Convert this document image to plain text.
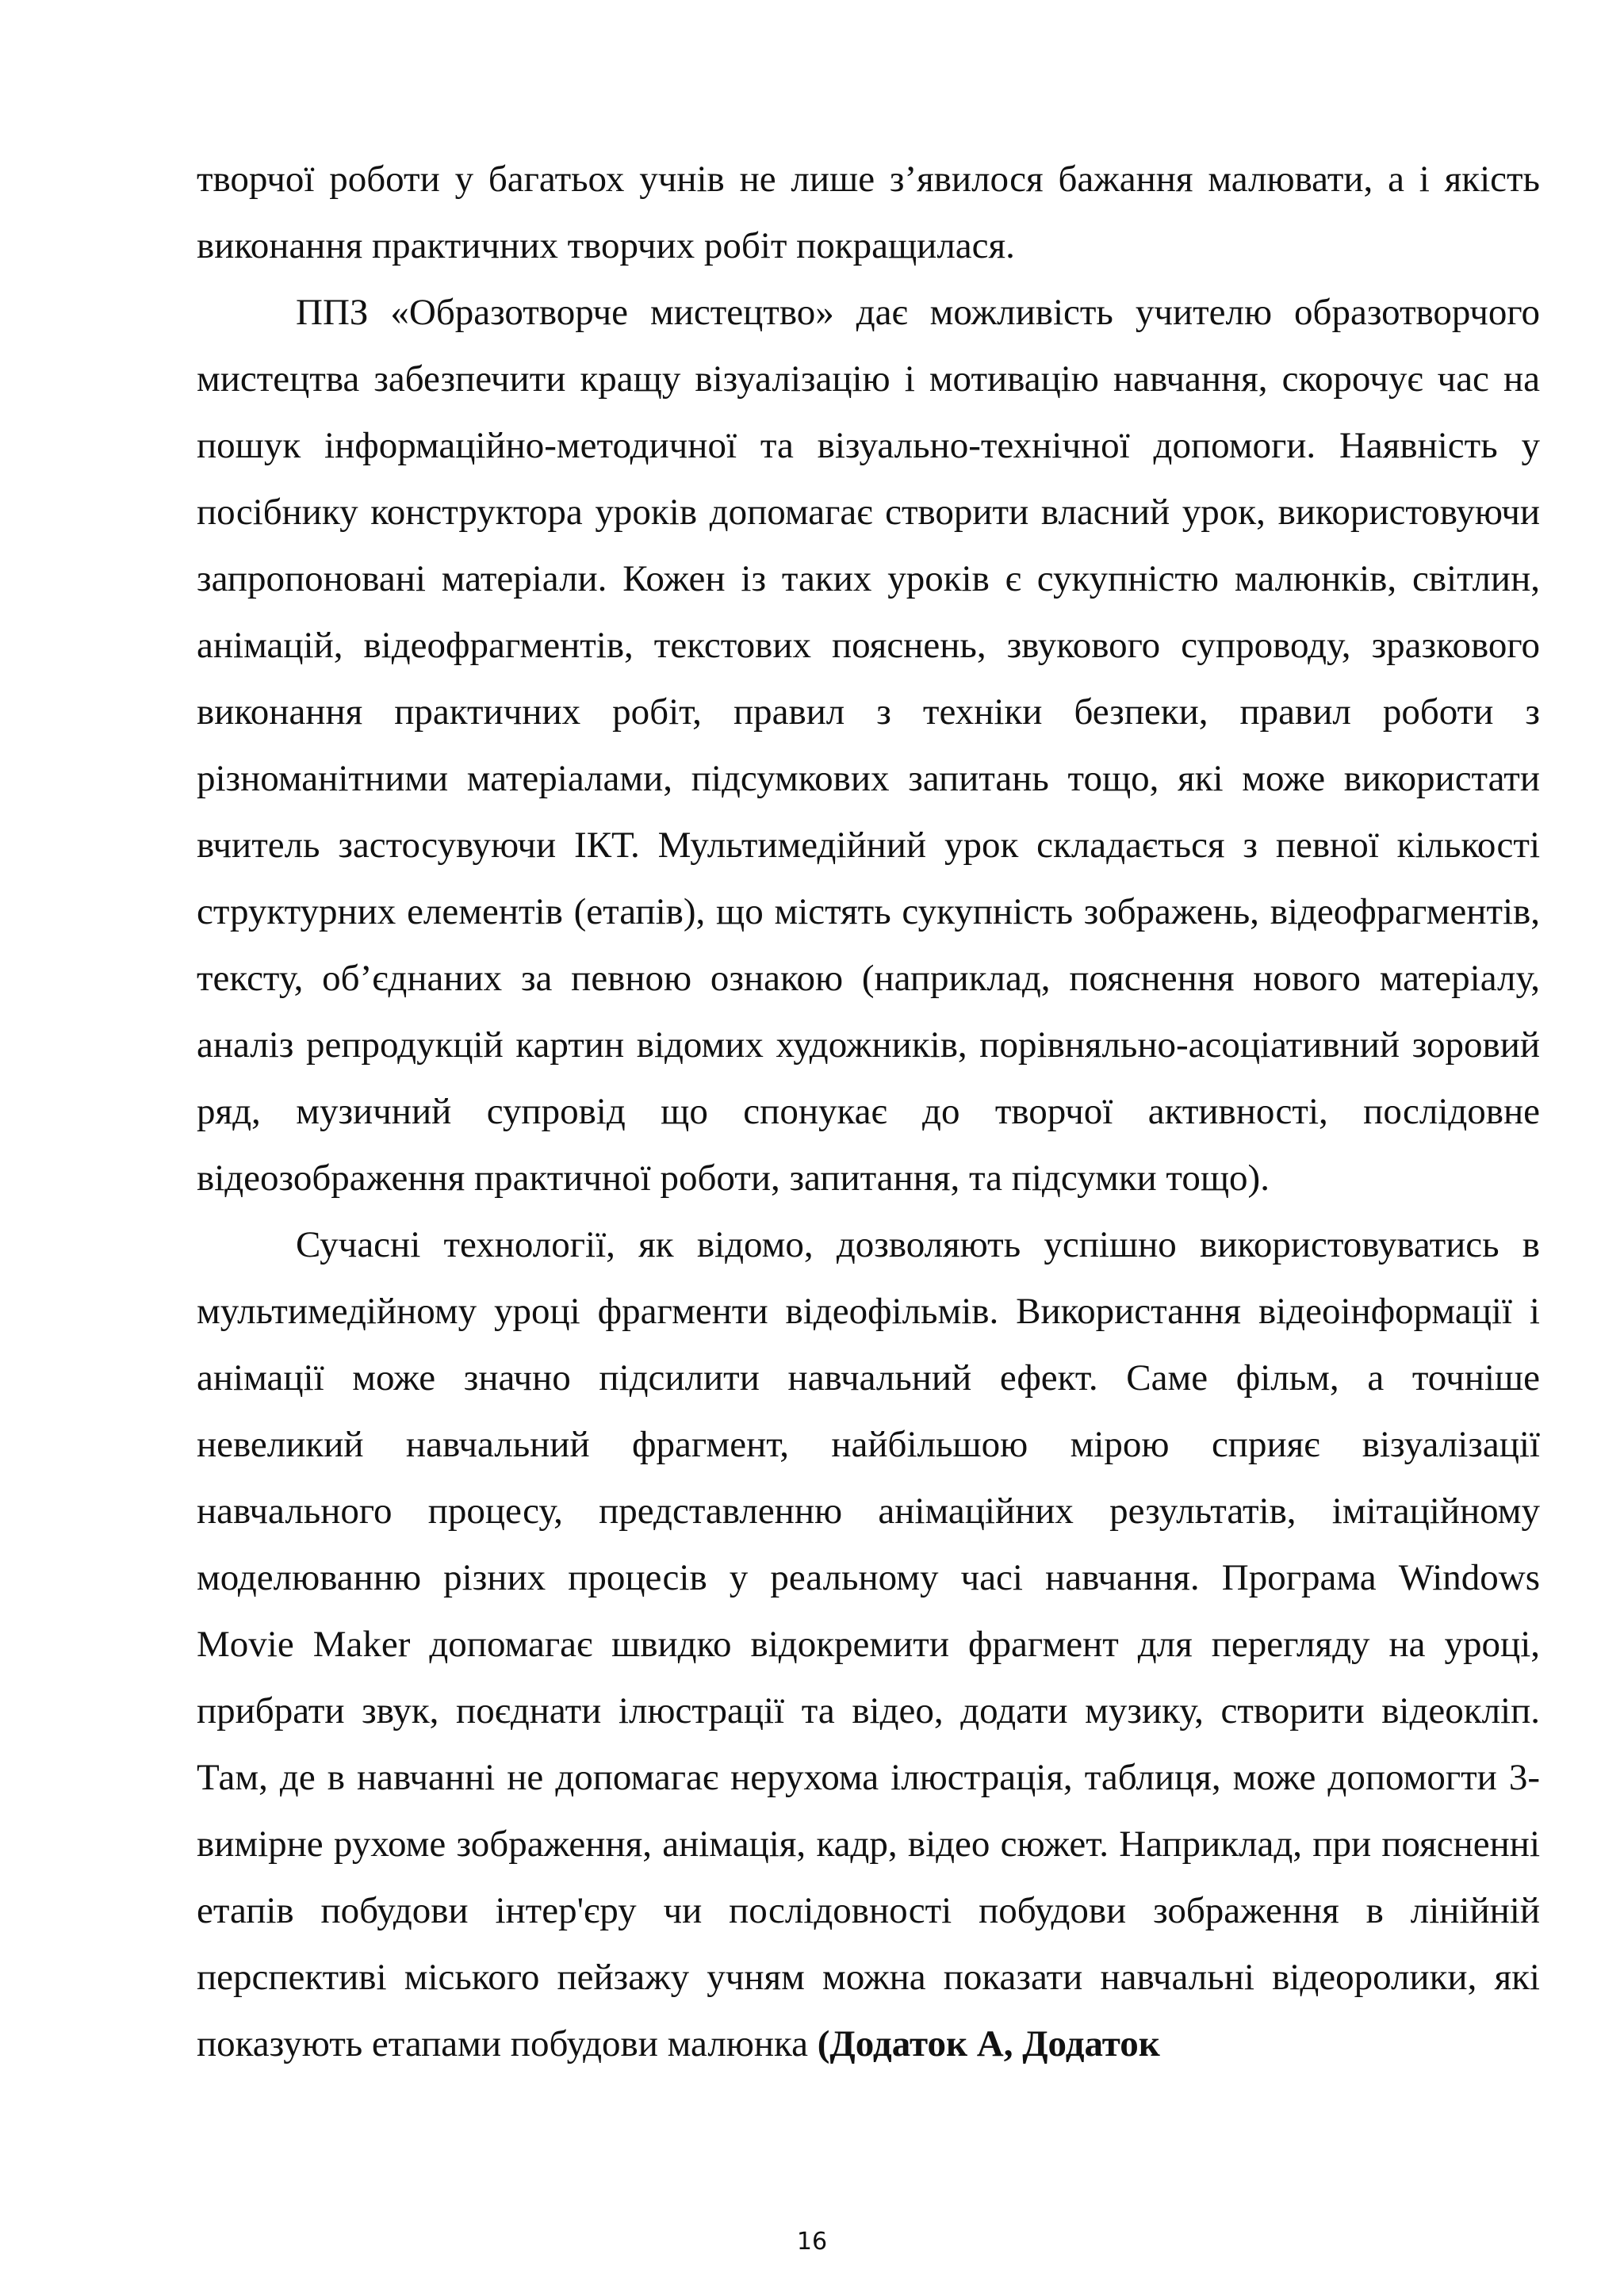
творчої роботи у багатьох учнів не лише з’явилося бажання малювати, а і якість виконання практичних творчих робіт покращилася.

ППЗ «Образотворче мистецтво» дає можливість учителю образотворчого мистецтва забезпечити кращу візуалізацію і мотивацію навчання, скорочує час на пошук інформаційно-методичної та візуально-технічної допомоги. Наявність у посібнику конструктора уроків допомагає створити власний урок, використовуючи запропоновані матеріали. Кожен із таких уроків є сукупністю малюнків, світлин, анімацій, відеофрагментів, текстових пояснень, звукового супроводу, зразкового виконання практичних робіт, правил з техніки безпеки, правил роботи з різноманітними матеріалами, підсумкових запитань тощо, які може використати вчитель застосувуючи ІКТ. Мультимедійний урок складається з певної кількості структурних елементів (етапів), що містять сукупність зображень, відеофрагментів, тексту, об’єднаних за певною ознакою (наприклад, пояснення нового матеріалу, аналіз репродукцій картин відомих художників, порівняльно-асоціативний зоровий ряд, музичний супровід що спонукає до творчої активності, послідовне відеозображення практичної роботи, запитання, та підсумки тощо).

Сучасні технології, як відомо, дозволяють успішно використовуватись в мультимедійному уроці фрагменти відеофільмів. Використання відеоінформації і анімації може значно підсилити навчальний ефект. Саме фільм, а точніше невеликий навчальний фрагмент, найбільшою мірою сприяє візуалізації навчального процесу, представленню анімаційних результатів, імітаційному моделюванню різних процесів у реальному часі навчання. Програма Windows Movie Maker допомагає швидко відокремити фрагмент для перегляду на уроці, прибрати звук, поєднати ілюстрації та відео, додати музику, створити відеокліп. Там, де в навчанні не допомагає нерухома ілюстрація, таблиця, може допомогти 3-вимірне рухоме зображення, анімація, кадр, відео сюжет. Наприклад, при поясненні етапів побудови інтер'єру чи послідовності побудови зображення в лінійній перспективі міського пейзажу учням можна показати навчальні відеоролики, які показують етапами побудови малюнка (Додаток А, Додаток

16
